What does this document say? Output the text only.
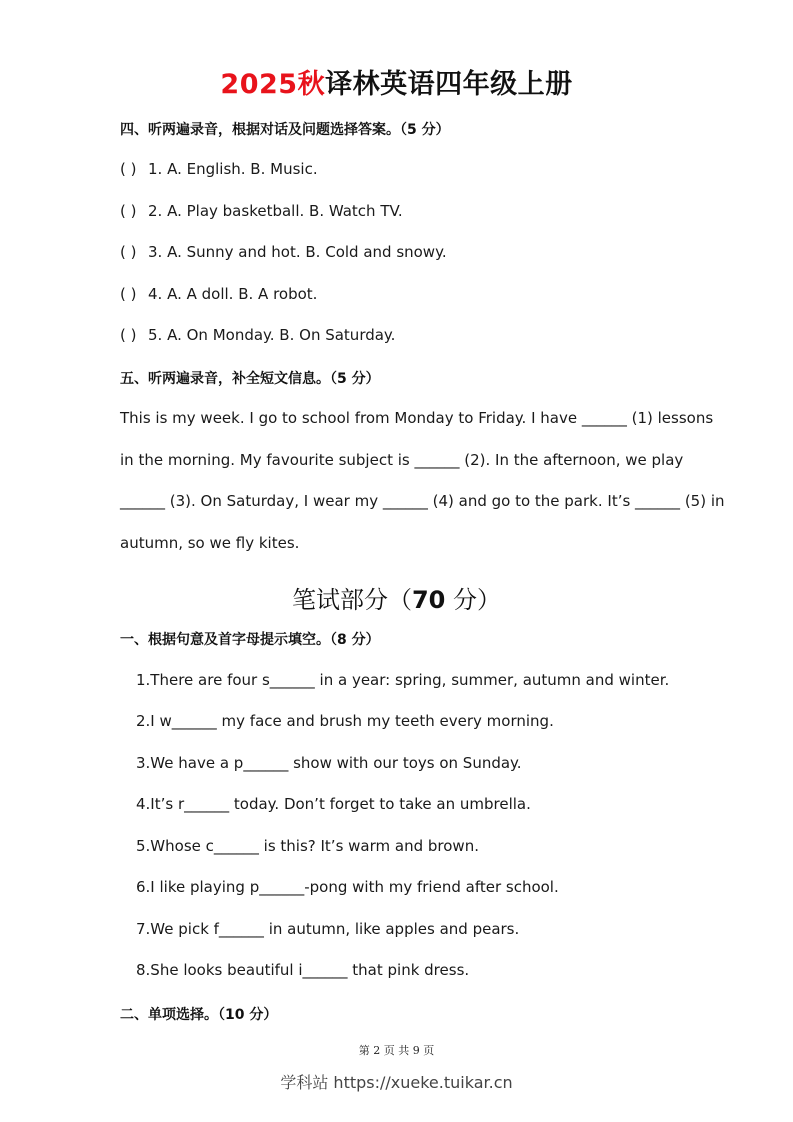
2025秋译林英语四年级上册
四、听两遍录音，根据对话及问题选择答案。（5 分）
( ) 1. A. English. B. Music.
( ) 2. A. Play basketball. B. Watch TV.
( ) 3. A. Sunny and hot. B. Cold and snowy.
( ) 4. A. A doll. B. A robot.
( ) 5. A. On Monday. B. On Saturday.
五、听两遍录音，补全短文信息。（5 分）
This is my week. I go to school from Monday to Friday. I have ______ (1) lessons
in the morning. My favourite subject is ______ (2). In the afternoon, we play
______ (3). On Saturday, I wear my ______ (4) and go to the park. It’s ______ (5) in
autumn, so we fly kites.
笔试部分（70 分）
一、根据句意及首字母提示填空。（8 分）
1.There are four s______ in a year: spring, summer, autumn and winter.
2.I w______ my face and brush my teeth every morning.
3.We have a p______ show with our toys on Sunday.
4.It’s r______ today. Don’t forget to take an umbrella.
5.Whose c______ is this? It’s warm and brown.
6.I like playing p______-pong with my friend after school.
7.We pick f______ in autumn, like apples and pears.
8.She looks beautiful i______ that pink dress.
二、单项选择。（10 分）
第 2 页 共 9 页
学科站 https://xueke.tuikar.cn
